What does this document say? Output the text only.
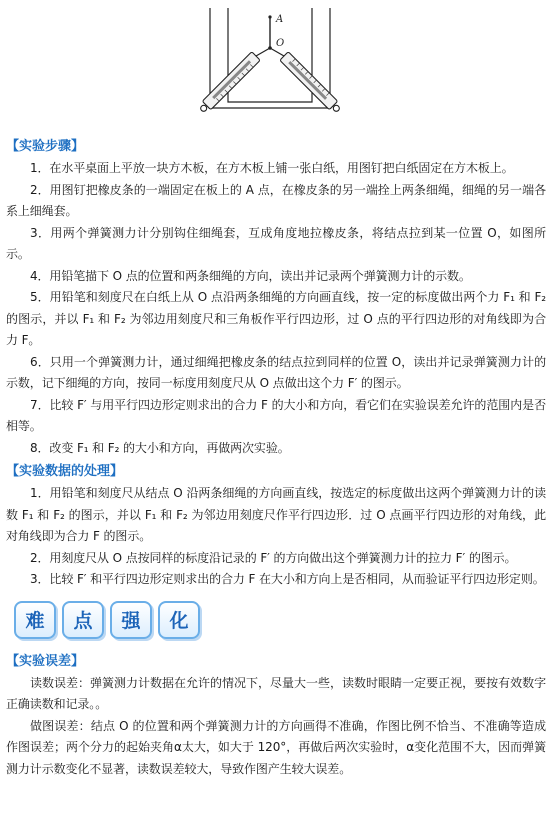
A
O
【实验步骤】

1．在水平桌面上平放一块方木板，在方木板上铺一张白纸，用图钉把白纸固定在方木板上。

2．用图钉把橡皮条的一端固定在板上的 A 点，在橡皮条的另一端拴上两条细绳，细绳的另一端各系上细绳套。

3．用两个弹簧测力计分别钩住细绳套，互成角度地拉橡皮条，将结点拉到某一位置 O，如图所示。

4．用铅笔描下 O 点的位置和两条细绳的方向，读出并记录两个弹簧测力计的示数。

5．用铅笔和刻度尺在白纸上从 O 点沿两条细绳的方向画直线，按一定的标度做出两个力 F₁ 和 F₂ 的图示，并以 F₁ 和 F₂ 为邻边用刻度尺和三角板作平行四边形，过 O 点的平行四边形的对角线即为合力 F。

6．只用一个弹簧测力计，通过细绳把橡皮条的结点拉到同样的位置 O，读出并记录弹簧测力计的示数，记下细绳的方向，按同一标度用刻度尺从 O 点做出这个力 F′ 的图示。

7．比较 F′ 与用平行四边形定则求出的合力 F 的大小和方向，看它们在实验误差允许的范围内是否相等。

8．改变 F₁ 和 F₂ 的大小和方向，再做两次实验。

【实验数据的处理】

1．用铅笔和刻度尺从结点 O 沿两条细绳的方向画直线，按选定的标度做出这两个弹簧测力计的读数 F₁ 和 F₂ 的图示，并以 F₁ 和 F₂ 为邻边用刻度尺作平行四边形．过 O 点画平行四边形的对角线，此对角线即为合力 F 的图示。

2．用刻度尺从 O 点按同样的标度沿记录的 F′ 的方向做出这个弹簧测力计的拉力 F′ 的图示。

3．比较 F′ 和平行四边形定则求出的合力 F 在大小和方向上是否相同，从而验证平行四边形定则。

难	点	强	化
【实验误差】

读数误差：弹簧测力计数据在允许的情况下，尽量大一些，读数时眼睛一定要正视，要按有效数字正确读数和记录。。

做图误差：结点 O 的位置和两个弹簧测力计的方向画得不准确，作图比例不恰当、不准确等造成作图误差；两个分力的起始夹角α太大，如大于 120°，再做后两次实验时，α变化范围不大，因而弹簧测力计示数变化不显著，读数误差较大，导致作图产生较大误差。
